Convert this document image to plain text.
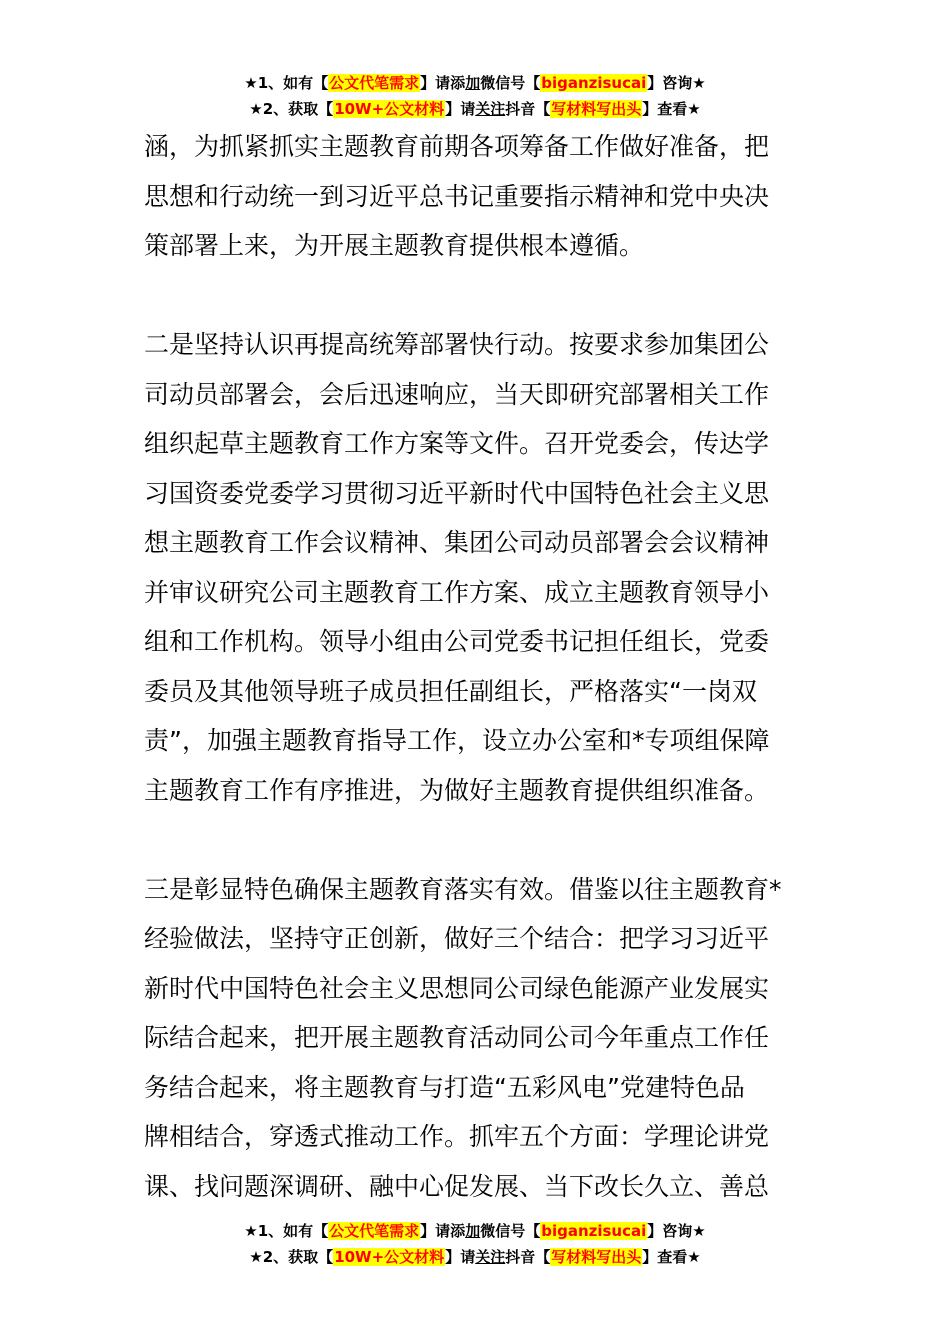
★1、如有【公文代笔需求】请添加微信号【biganzisucai】咨询★
★2、获取【10W+公文材料】请关注抖音【写材料写出头】查看★

涵，为抓紧抓实主题教育前期各项筹备工作做好准备，把
思想和行动统一到习近平总书记重要指示精神和党中央决
策部署上来，为开展主题教育提供根本遵循。

二是坚持认识再提高统筹部署快行动。按要求参加集团公
司动员部署会，会后迅速响应，当天即研究部署相关工作
组织起草主题教育工作方案等文件。召开党委会，传达学
习国资委党委学习贯彻习近平新时代中国特色社会主义思
想主题教育工作会议精神、集团公司动员部署会会议精神
并审议研究公司主题教育工作方案、成立主题教育领导小
组和工作机构。领导小组由公司党委书记担任组长，党委
委员及其他领导班子成员担任副组长，严格落实“一岗双
责”，加强主题教育指导工作，设立办公室和*专项组保障
主题教育工作有序推进，为做好主题教育提供组织准备。

三是彰显特色确保主题教育落实有效。借鉴以往主题教育*
经验做法，坚持守正创新，做好三个结合：把学习习近平
新时代中国特色社会主义思想同公司绿色能源产业发展实
际结合起来，把开展主题教育活动同公司今年重点工作任
务结合起来，将主题教育与打造“五彩风电”党建特色品
牌相结合，穿透式推动工作。抓牢五个方面：学理论讲党
课、找问题深调研、融中心促发展、当下改长久立、善总

★1、如有【公文代笔需求】请添加微信号【biganzisucai】咨询★
★2、获取【10W+公文材料】请关注抖音【写材料写出头】查看★
